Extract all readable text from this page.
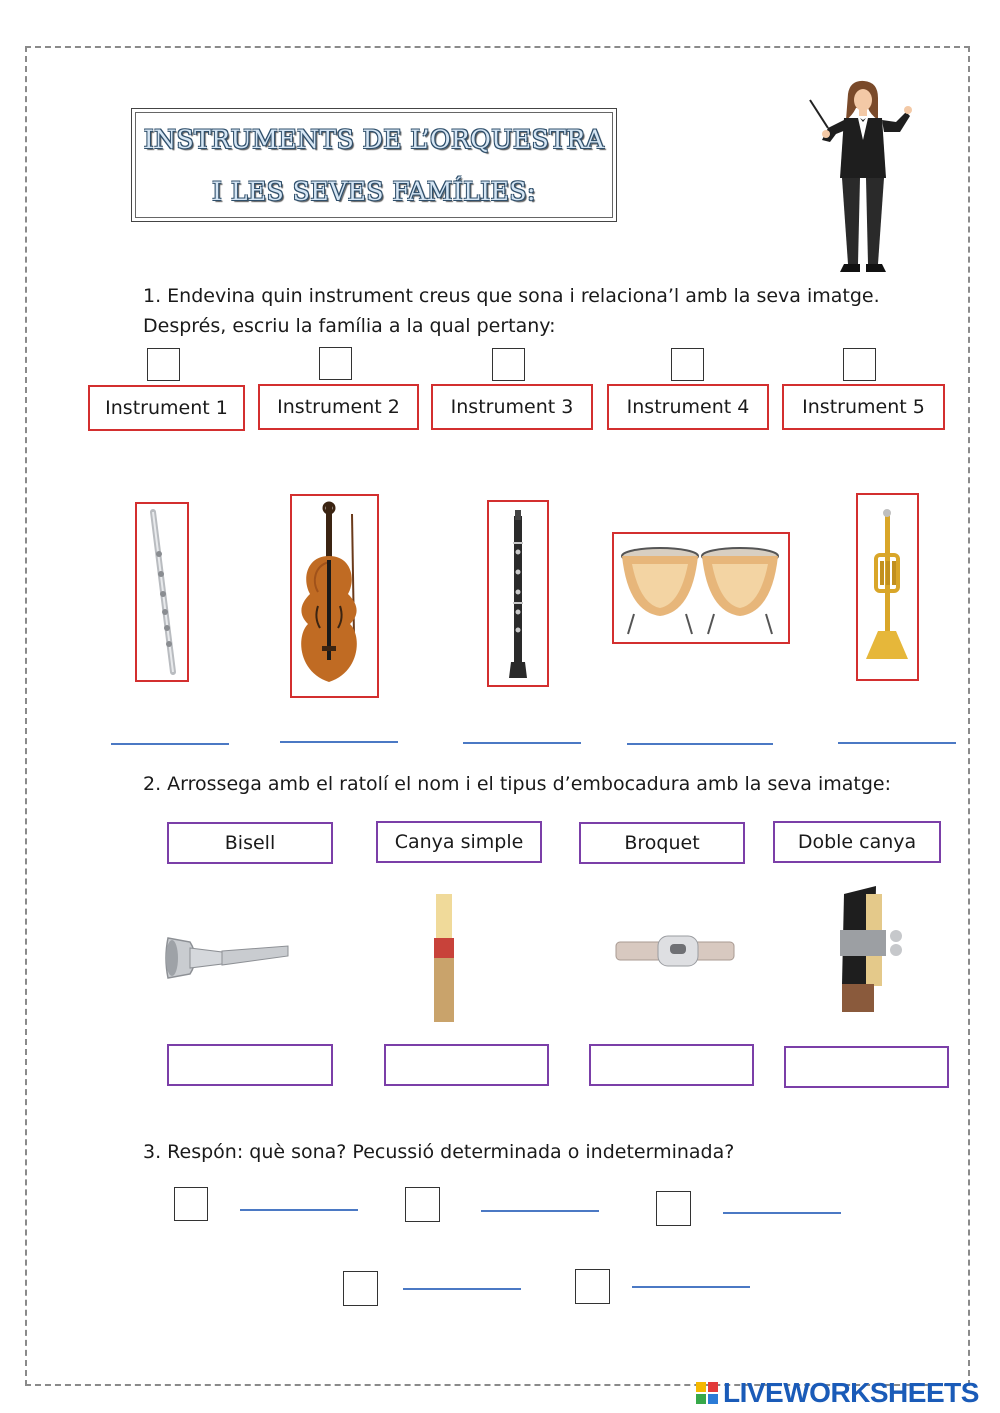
INSTRUMENTS DE L’ORQUESTRA
I LES SEVES FAMÍLIES:
1. Endevina quin instrument creus que sona i relaciona’l amb la seva imatge.
Després, escriu la família a la qual pertany:
Instrument 1	Instrument 2	Instrument 3	Instrument 4	Instrument 5
2. Arrossega amb el ratolí el nom i el tipus d’embocadura amb la seva imatge:
Bisell	Canya simple	Broquet	Doble canya
3. Respón: què sona? Pecussió determinada o indeterminada?
LIVEWORKSHEETS
